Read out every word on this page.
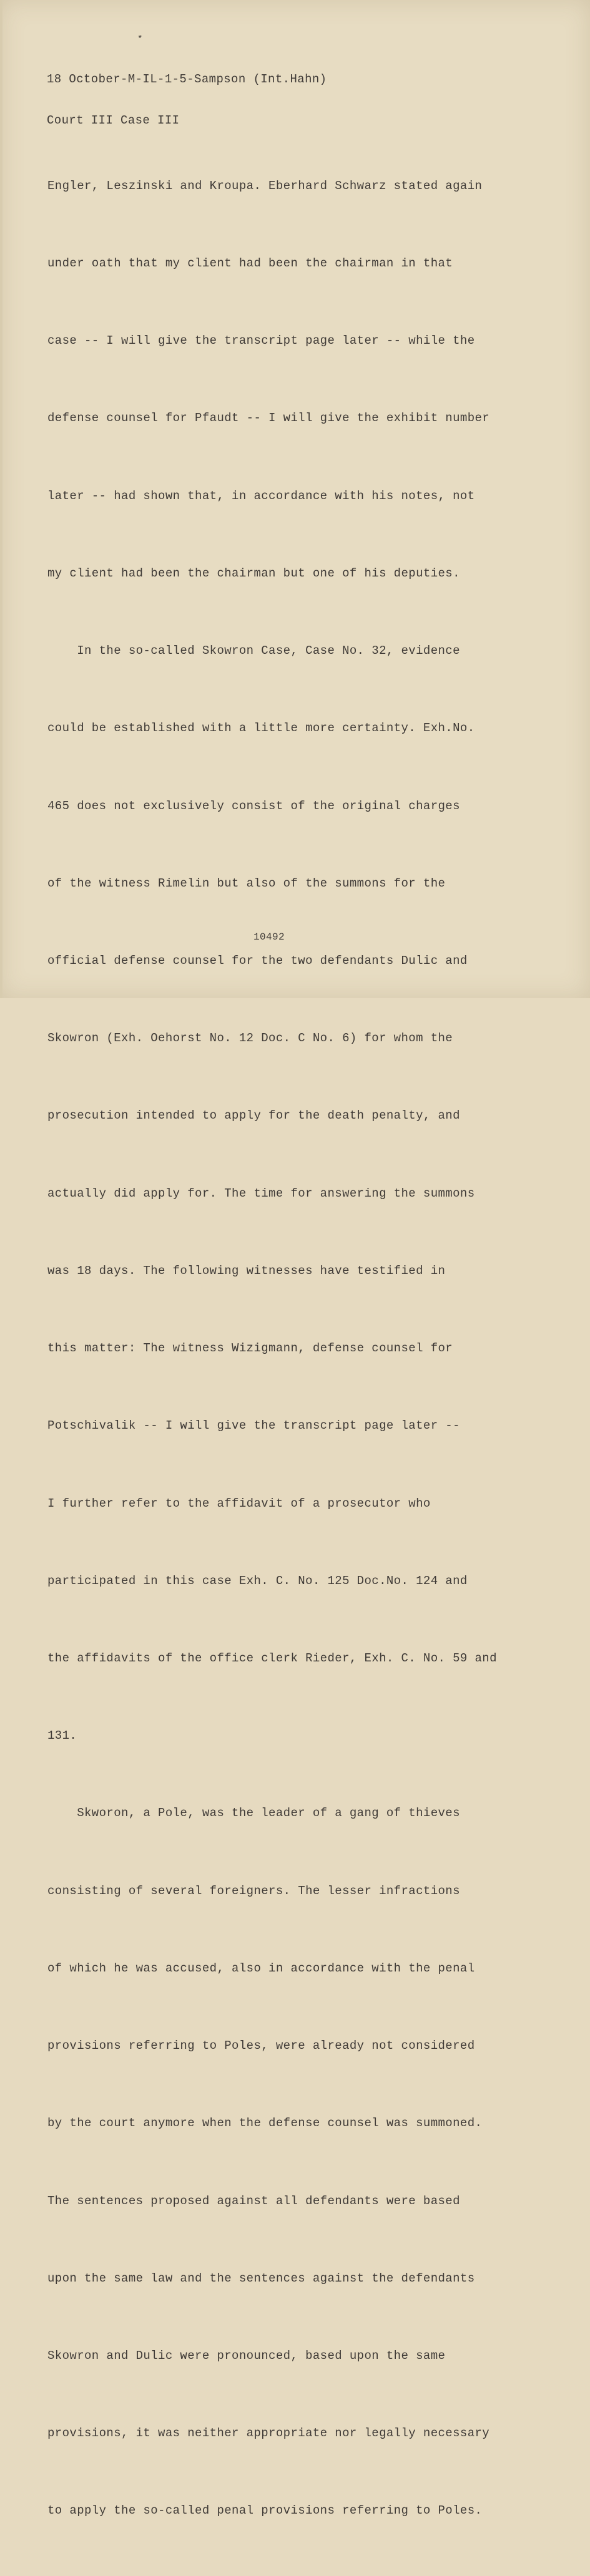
*

18 October-M-IL-1-5-Sampson (Int.Hahn)

Court III Case III

Engler, Leszinski and Kroupa. Eberhard Schwarz stated again

under oath that my client had been the chairman in that

case -- I will give the transcript page later -- while the

defense counsel for Pfaudt -- I will give the exhibit number

later -- had shown that, in accordance with his notes, not

my client had been the chairman but one of his deputies.

In the so-called Skowron Case, Case No. 32, evidence

could be established with a little more certainty. Exh.No.

465 does not exclusively consist of the original charges

of the witness Rimelin but also of the summons for the

official defense counsel for the two defendants Dulic and

Skowron (Exh. Oehorst No. 12 Doc. C No. 6) for whom the

prosecution intended to apply for the death penalty, and

actually did apply for. The time for answering the summons

was 18 days. The following witnesses have testified in

this matter: The witness Wizigmann, defense counsel for

Potschivalik -- I will give the transcript page later --

I further refer to the affidavit of a prosecutor who

participated in this case Exh. C. No. 125 Doc.No. 124 and

the affidavits of the office clerk Rieder, Exh. C. No. 59 and

131.

Skworon, a Pole, was the leader of a gang of thieves

consisting of several foreigners. The lesser infractions

of which he was accused, also in accordance with the penal

provisions referring to Poles, were already not considered

by the court anymore when the defense counsel was summoned.

The sentences proposed against all defendants were based

upon the same law and the sentences against the defendants

Skowron and Dulic were pronounced, based upon the same

provisions, it was neither appropriate nor legally necessary

to apply the so-called penal provisions referring to Poles.

10492
